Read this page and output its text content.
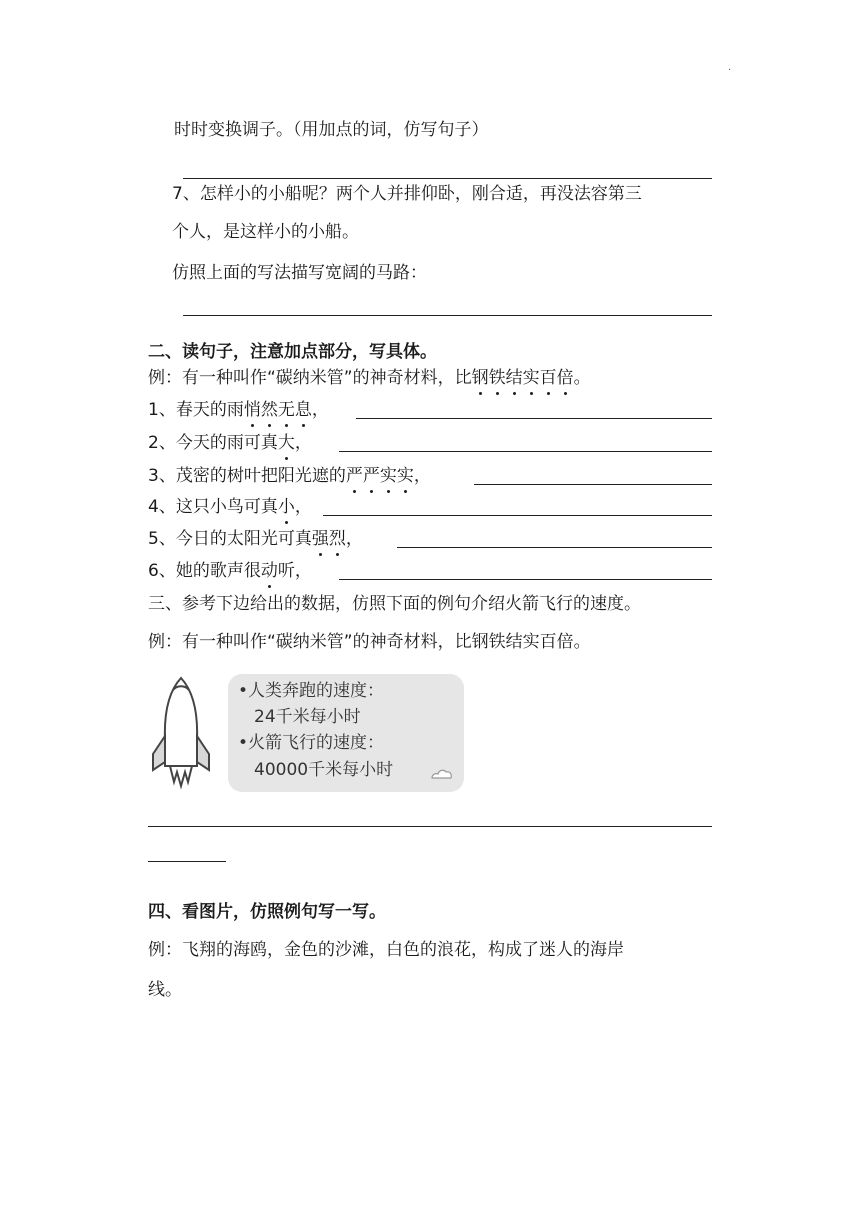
·
时时变换调子。（用加点的词，仿写句子）
7、怎样小的小船呢？两个人并排仰卧，刚合适，再没法容第三
个人，是这样小的小船。
仿照上面的写法描写宽阔的马路：
二、读句子，注意加点部分，写具体。
例：有一种叫作“碳纳米管”的神奇材料，比钢铁结实百倍。
1、春天的雨悄然无息，
2、今天的雨可真大，
3、茂密的树叶把阳光遮的严严实实，
4、这只小鸟可真小，
5、今日的太阳光可真强烈，
6、她的歌声很动听，
三、参考下边给出的数据，仿照下面的例句介绍火箭飞行的速度。
例：有一种叫作“碳纳米管”的神奇材料，比钢铁结实百倍。
•人类奔跑的速度：
24千米每小时
•火箭飞行的速度：
40000千米每小时
四、看图片，仿照例句写一写。
例：飞翔的海鸥，金色的沙滩，白色的浪花，构成了迷人的海岸
线。
